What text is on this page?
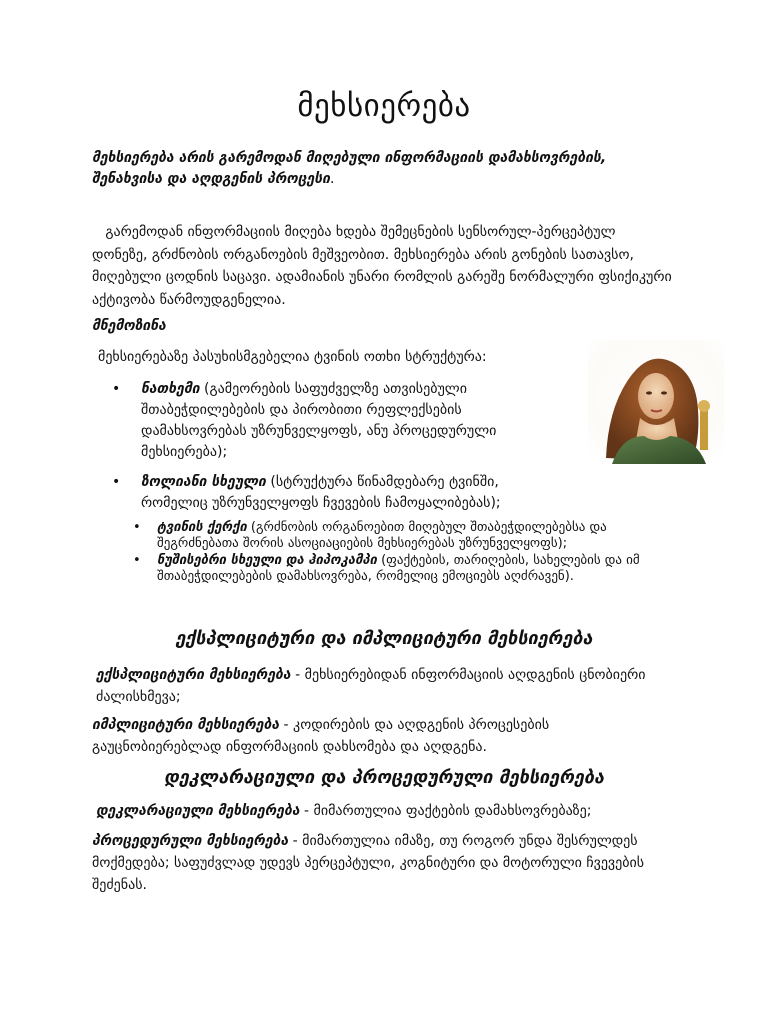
მეხსიერება
მეხსიერება არის გარემოდან მიღებული ინფორმაციის დამახსოვრების, შენახვისა და აღდგენის პროცესი.
გარემოდან ინფორმაციის მიღება ხდება შემეცნების სენსორულ-პერცეპტულ დონეზე, გრძნობის ორგანოების მეშვეობით. მეხსიერება არის გონების სათავსო, მიღებული ცოდნის საცავი. ადამიანის უნარი რომლის გარეშე ნორმალური ფსიქიკური აქტივობა წარმოუდგენელია.
მნემოზინა
მეხსიერებაზე პასუხისმგებელია ტვინის ოთხი სტრუქტურა:
• ნათხემი (გამეორების საფუძველზე ათვისებული შთაბეჭდილებების და პირობითი რეფლექსების დამახსოვრებას უზრუნველყოფს, ანუ პროცედურული მეხსიერება);
• ზოლიანი სხეული (სტრუქტურა წინამდებარე ტვინში, რომელიც უზრუნველყოფს ჩვევების ჩამოყალიბებას);
• ტვინის ქერქი (გრძნობის ორგანოებით მიღებულ შთაბეჭდილებებსა და შეგრძნებათა შორის ასოციაციების მეხსიერებას უზრუნველყოფს);
• ნუშისებრი სხეული და ჰიპოკამპი (ფაქტების, თარიღების, სახელების და იმ შთაბეჭდილებების დამახსოვრება, რომელიც ემოციებს აღძრავენ).
ექსპლიციტური და იმპლიციტური მეხსიერება
ექსპლიციტური მეხსიერება - მეხსიერებიდან ინფორმაციის აღდგენის ცნობიერი ძალისხმევა;
იმპლიციტური მეხსიერება - კოდირების და აღდგენის პროცესების გაუცნობიერებლად ინფორმაციის დახსომება და აღდგენა.
დეკლარაციული და პროცედურული მეხსიერება
დეკლარაციული მეხსიერება - მიმართულია ფაქტების დამახსოვრებაზე;
პროცედურული მეხსიერება - მიმართულია იმაზე, თუ როგორ უნდა შესრულდეს მოქმედება; საფუძვლად უდევს პერცეპტული, კოგნიტური და მოტორული ჩვევების შეძენას.
